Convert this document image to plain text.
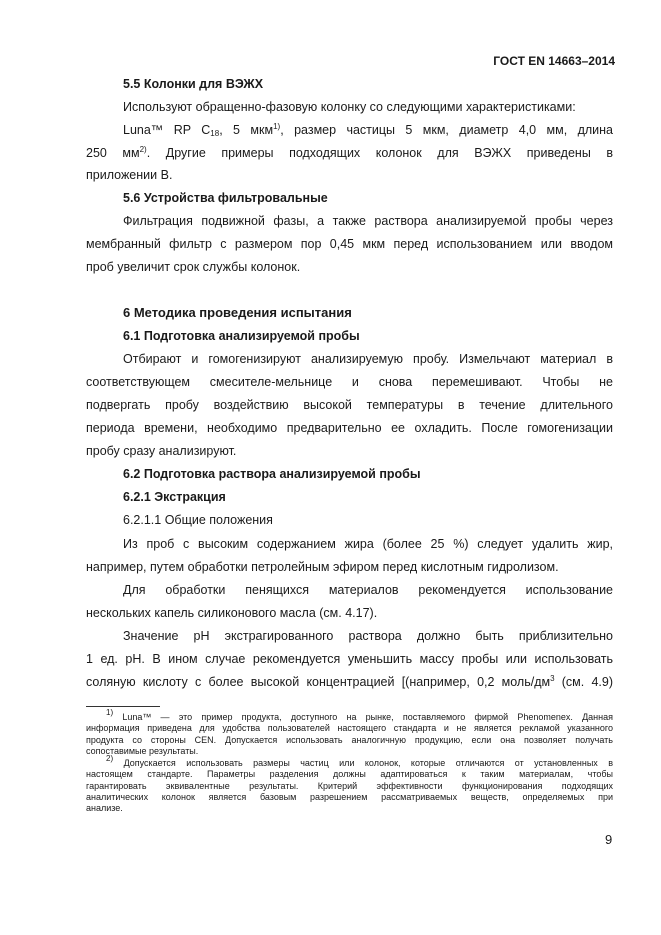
ГОСТ EN 14663–2014
5.5 Колонки для ВЭЖХ
Используют обращенно-фазовую колонку со следующими характеристиками:
Luna™ RP $C_{18}$, 5 мкм$^{1)}$, размер частицы 5 мкм, диаметр 4,0 мм, длина
250 $мм^{2)}$. Другие примеры подходящих колонок для ВЭЖХ приведены в
приложении В.
5.6 Устройства фильтровальные
Фильтрация подвижной фазы, а также раствора анализируемой пробы через
мембранный фильтр с размером пор 0,45 мкм перед использованием или вводом
проб увеличит срок службы колонок.
6 Методика проведения испытания
6.1 Подготовка анализируемой пробы
Отбирают и гомогенизируют анализируемую пробу. Измельчают материал в
соответствующем смесителе-мельнице и снова перемешивают. Чтобы не
подвергать пробу воздействию высокой температуры в течение длительного
периода времени, необходимо предварительно ее охладить. После гомогенизации
пробу сразу анализируют.
6.2 Подготовка раствора анализируемой пробы
6.2.1 Экстракция
6.2.1.1 Общие положения
Из проб с высоким содержанием жира (более 25 %) следует удалить жир,
например, путем обработки петролейным эфиром перед кислотным гидролизом.
Для обработки пенящихся материалов рекомендуется использование
нескольких капель силиконового масла (см. 4.17).
Значение pH экстрагированного раствора должно быть приблизительно
1 ед. pH. В ином случае рекомендуется уменьшить массу пробы или использовать
соляную кислоту с более высокой концентрацией [(например, 0,2 моль/$дм^3$ (см. 4.9)
$^{1)}$ Luna™ — это пример продукта, доступного на рынке, поставляемого фирмой Phenomenex. Данная
информация приведена для удобства пользователей настоящего стандарта и не является рекламой указанного
продукта со стороны CEN. Допускается использовать аналогичную продукцию, если она позволяет получать
сопоставимые результаты.
$^{2)}$ Допускается использовать размеры частиц или колонок, которые отличаются от установленных в
настоящем стандарте. Параметры разделения должны адаптироваться к таким материалам, чтобы
гарантировать эквивалентные результаты. Критерий эффективности функционирования подходящих
аналитических колонок является базовым разрешением рассматриваемых веществ, определяемых при
анализе.
9
